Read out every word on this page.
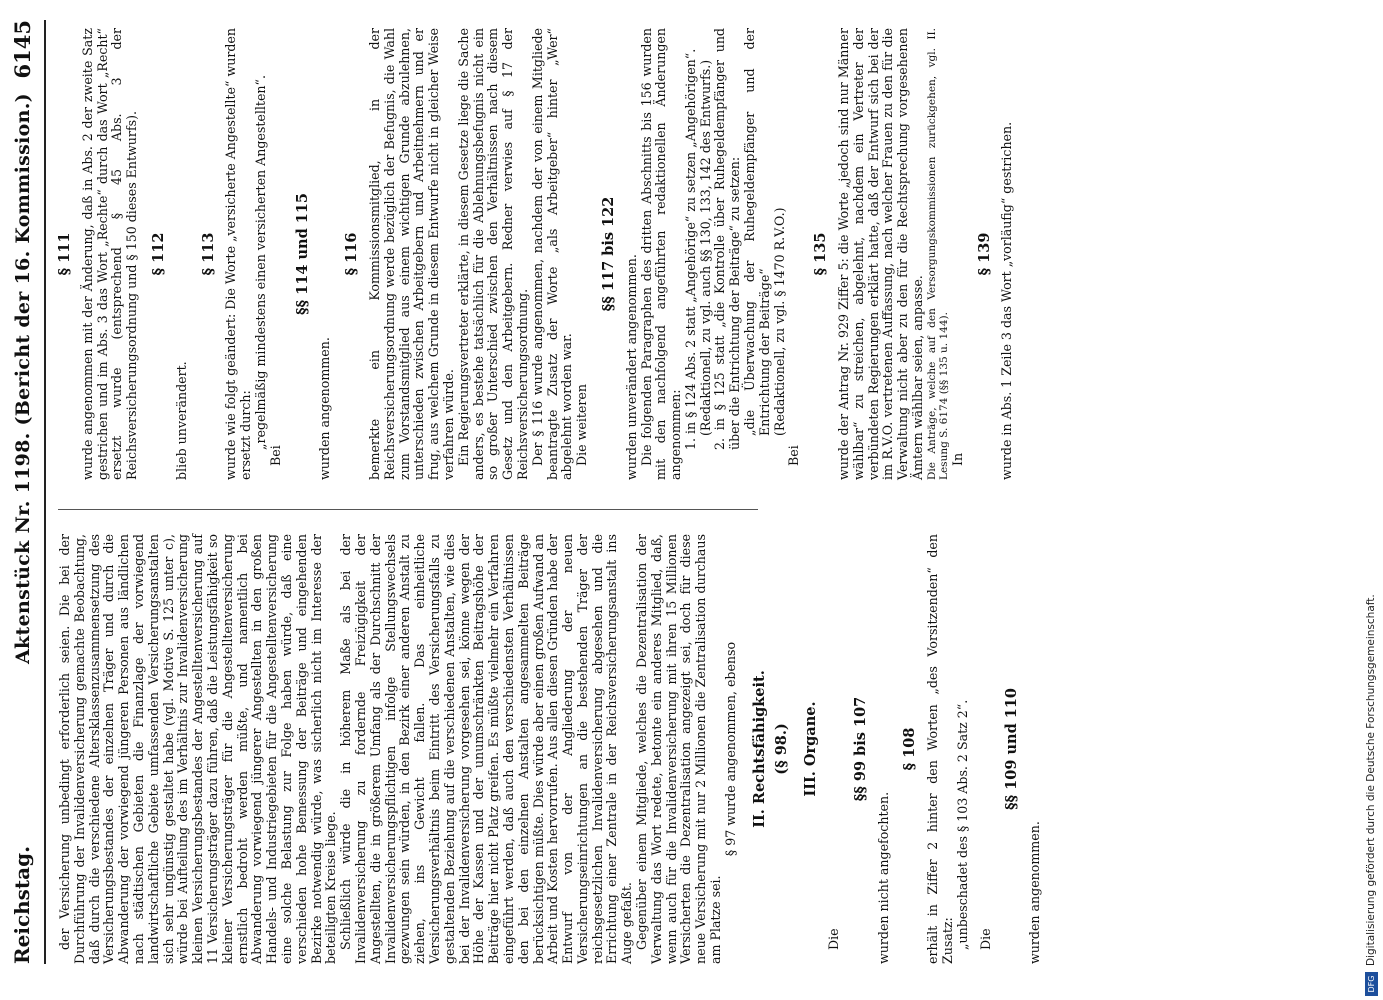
Reichstag.
Aktenstück Nr. 1198. (Bericht der 16. Kommission.)
6145

der Versicherung unbedingt erforderlich seien. Die bei der Durchführung der Invalidenversicherung gemachte Beobachtung, daß durch die verschiedene Altersklassenzusammensetzung des Versicherungsbestandes der einzelnen Träger und durch die Abwanderung der vorwiegend jüngeren Personen aus ländlichen nach städtischen Gebieten die Finanzlage der vorwiegend landwirtschaftliche Gebiete umfassenden Versicherungsanstalten sich sehr ungünstig gestaltet habe (vgl. Motive S. 125 unter c), würde bei Aufteilung des im Verhältnis zur Invalidenversicherung kleinen Versicherungsbestandes der Angestelltenversicherung auf 11 Versicherungsträger dazu führen, daß die Leistungsfähigkeit so kleiner Versicherungsträger für die Angestelltenversicherung ernstlich bedroht werden müßte, und namentlich bei Abwanderung vorwiegend jüngerer Angestellten in den großen Handels- und Industriegebieten für die Angestelltenversicherung eine solche Belastung zur Folge haben würde, daß eine verschieden hohe Bemessung der Beiträge und eingehenden Bezirke notwendig würde, was sicherlich nicht im Interesse der beteiligten Kreise liege. Schließlich würde die in höherem Maße als bei der Invalidenversicherung zu fordernde Freizügigkeit der Angestellten, die in größerem Umfang als der Durchschnitt der Invalidenversicherungspflichtigen infolge Stellungswechsels gezwungen sein würden, in den Bezirk einer anderen Anstalt zu ziehen, ins Gewicht fallen. Das einheitliche Versicherungsverhältnis beim Eintritt des Versicherungsfalls zu gestaltenden Beziehung auf die verschiedenen Anstalten, wie dies bei der Invalidenversicherung vorgesehen sei, könne wegen der Höhe der Kassen und der unumschränkten Beitragshöhe der Beiträge hier nicht Platz greifen. Es müßte vielmehr ein Verfahren eingeführt werden, daß auch den verschiedensten Verhältnissen den bei den einzelnen Anstalten angesammelten Beiträge berücksichtigen müßte. Dies würde aber einen großen Aufwand an Arbeit und Kosten hervorrufen. Aus allen diesen Gründen habe der Entwurf von der Angliederung der neuen Versicherungseinrichtungen an die bestehenden Träger der reichsgesetzlichen Invalidenversicherung abgesehen und die Errichtung einer Zentrale in der Reichsversicherungsanstalt ins Auge gefaßt. Gegenüber einem Mitgliede, welches die Dezentralisation der Verwaltung das Wort redete, betonte ein anderes Mitglied, daß, wenn auch für die Invalidenversicherung mit ihren 15 Millionen Versicherten die Dezentralisation angezeigt sei, doch für diese neue Versicherung mit nur 2 Millionen die Zentralisation durchaus am Platze sei.

§ 97 wurde angenommen, ebenso II. Rechtsfähigkeit. (§ 98.) III. Organe.

Die

§§ 99 bis 107

wurden nicht angefochten.

§ 108 erhält in Ziffer 2 hinter den Worten „des Vorsitzenden“ den Zusatz: „unbeschadet des § 103 Abs. 2 Satz 2“. Die

§§ 109 und 110

wurden angenommen.

§ 111 wurde angenommen mit der Änderung, daß in Abs. 2 der zweite Satz gestrichen und im Abs. 3 das Wort „Rechte“ durch das Wort „Recht“ ersetzt wurde (entsprechend § 45 Abs. 3 der Reichsversicherungsordnung und § 150 dieses Entwurfs). § 112

blieb unverändert.

§ 113 wurde wie folgt geändert: Die Worte „versicherte Angestellte“ wurden ersetzt durch: „regelmäßig mindestens einen versicherten Angestellten“.

Bei

§§ 114 und 115

wurden angenommen.

§ 116 bemerkte ein Kommissionsmitglied, in der Reichsversicherungsordnung werde bezüglich der Befugnis, die Wahl zum Vorstandsmitglied aus einem wichtigen Grunde abzulehnen, unterschieden zwischen Arbeitgebern und Arbeitnehmern und er frug, aus welchem Grunde in diesem Entwurfe nicht in gleicher Weise verfahren würde. Ein Regierungsvertreter erklärte, in diesem Gesetze liege die Sache anders, es bestehe tatsächlich für die Ablehnungsbefugnis nicht ein so großer Unterschied zwischen den Verhältnissen nach diesem Gesetz und den Arbeitgebern. Redner verwies auf § 17 der Reichsversicherungsordnung. Der § 116 wurde angenommen, nachdem der von einem Mitgliede beantragte Zusatz der Worte „als Arbeitgeber“ hinter „Wer“ abgelehnt worden war. Die weiteren

§§ 117 bis 122

wurden unverändert angenommen. Die folgenden Paragraphen des dritten Abschnitts bis 156 wurden mit den nachfolgend angeführten redaktionellen Änderungen angenommen: 1. in § 124 Abs. 2 statt „Angehörige“ zu setzen „Angehörigen“. (Redaktionell, zu vgl. auch §§ 130, 133, 142 des Entwurfs.) 2. in § 125 statt „die Kontrolle über Ruhegeldempfänger und über die Entrichtung der Beiträge“ zu setzen: „die Überwachung der Ruhegeldempfänger und der Entrichtung der Beiträge“ (Redaktionell, zu vgl. § 1470 R.V.O.)

Bei

§ 135 wurde der Antrag Nr. 929 Ziffer 5: die Worte „jedoch sind nur Männer wählbar“ zu streichen, abgelehnt, nachdem ein Vertreter der verbündeten Regierungen erklärt hatte, daß der Entwurf sich bei der im R.V.O. vertretenen Auffassung, nach welcher Frauen zu den für die Verwaltung nicht aber zu den für die Rechtsprechung vorgesehenen Ämtern wählbar seien, anpasse. Die Anträge, welche auf den Versorgungskommissionen zurückgehen, vgl. II. Lesung S. 6174 (§§ 135 u. 144). In

§ 139 wurde in Abs. 1 Zeile 3 das Wort „vorläufig“ gestrichen.

DFG
Digitalisierung gefördert durch die Deutsche Forschungsgemeinschaft.
